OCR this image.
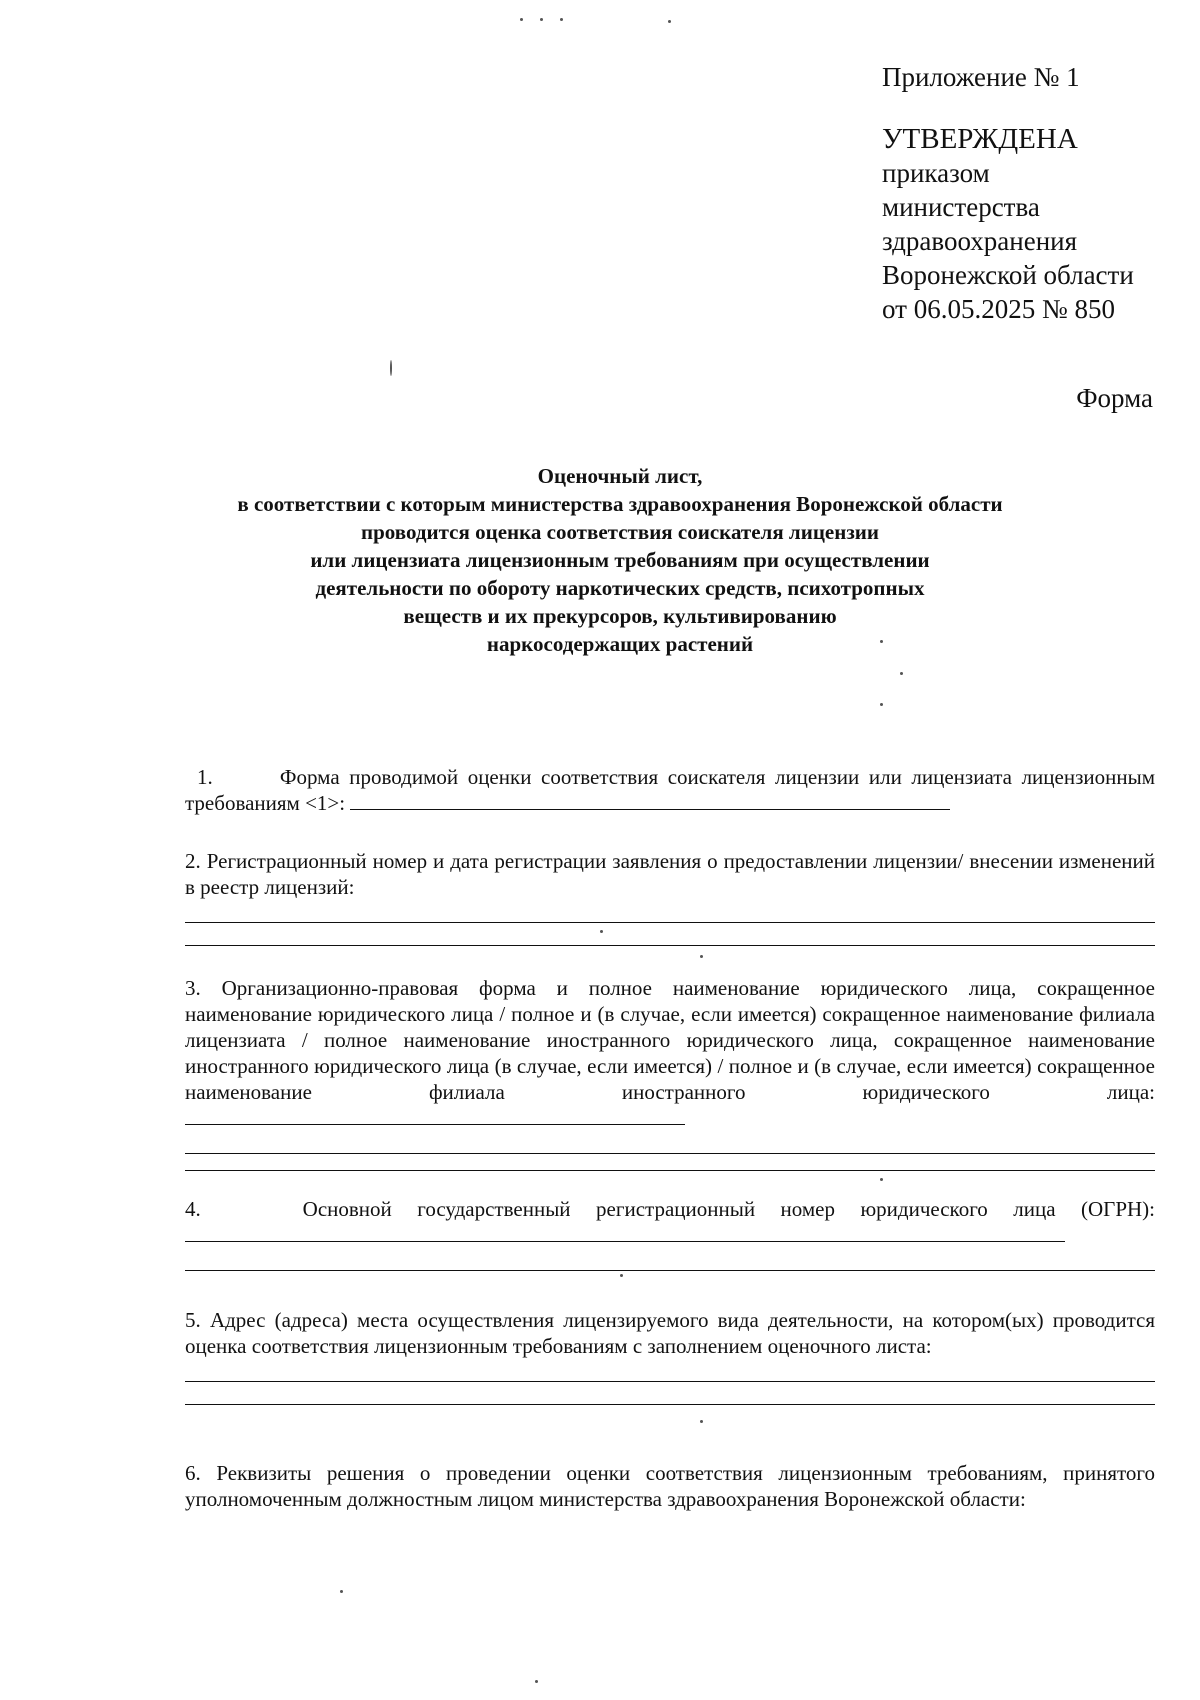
Приложение № 1
УТВЕРЖДЕНА
приказом
министерства
здравоохранения
Воронежской области
от 06.05.2025 № 850
Форма
Оценочный лист,
в соответствии с которым министерства здравоохранения Воронежской области
проводится оценка соответствия соискателя лицензии
или лицензиата лицензионным требованиям при осуществлении
деятельности по обороту наркотических средств, психотропных
веществ и их прекурсоров, культивированию
наркосодержащих растений
1.	Форма проводимой оценки соответствия соискателя лицензии или лицензиата лицензионным требованиям <1>:
2. Регистрационный номер и дата регистрации заявления о предоставлении лицензии/ внесении изменений в реестр лицензий:
3. Организационно-правовая форма и полное наименование юридического лица, сокращенное наименование юридического лица / полное и (в случае, если имеется) сокращенное наименование филиала лицензиата / полное наименование иностранного юридического лица, сокращенное наименование иностранного юридического лица (в случае, если имеется) / полное и (в случае, если имеется) сокращенное наименование филиала иностранного юридического лица:
4.	Основной государственный регистрационный номер юридического лица (ОГРН):
5. Адрес (адреса) места осуществления лицензируемого вида деятельности, на котором(ых) проводится оценка соответствия лицензионным требованиям с заполнением оценочного листа:
6. Реквизиты решения о проведении оценки соответствия лицензионным требованиям, принятого уполномоченным должностным лицом министерства здравоохранения Воронежской области:
